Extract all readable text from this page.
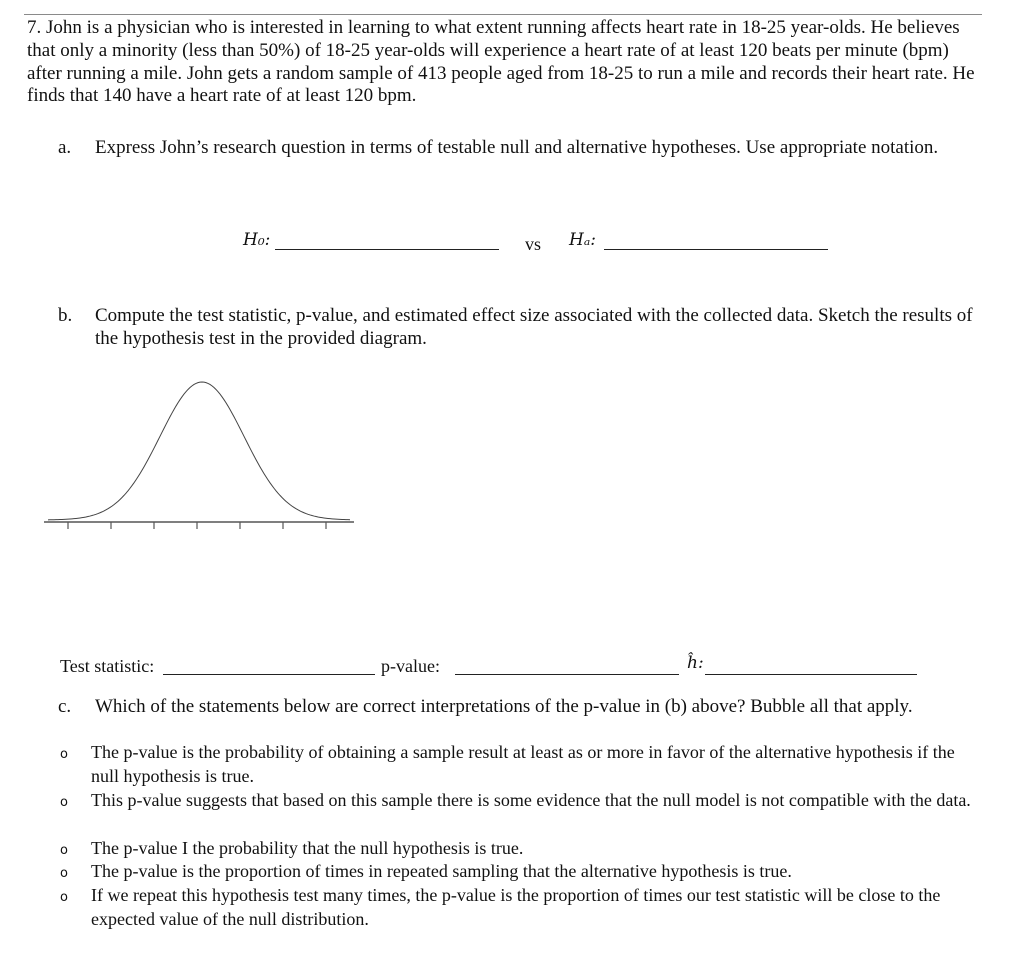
7. John is a physician who is interested in learning to what extent running affects heart rate in 18-25 year-olds. He believes that only a minority (less than 50%) of 18-25 year-olds will experience a heart rate of at least 120 beats per minute (bpm) after running a mile. John gets a random sample of 413 people aged from 18-25 to run a mile and records their heart rate. He finds that 140 have a heart rate of at least 120 bpm.
a. Express John’s research question in terms of testable null and alternative hypotheses. Use appropriate notation.
H₀:	vs Hₐ:
b. Compute the test statistic, p-value, and estimated effect size associated with the collected data. Sketch the results of the hypothesis test in the provided diagram.
Test statistic:	p-value:	ĥ:
c. Which of the statements below are correct interpretations of the p-value in (b) above? Bubble all that apply.
o The p-value is the probability of obtaining a sample result at least as or more in favor of the alternative hypothesis if the null hypothesis is true.
o This p-value suggests that based on this sample there is some evidence that the null model is not compatible with the data.
o The p-value I the probability that the null hypothesis is true.
o The p-value is the proportion of times in repeated sampling that the alternative hypothesis is true.
o If we repeat this hypothesis test many times, the p-value is the proportion of times our test statistic will be close to the expected value of the null distribution.
